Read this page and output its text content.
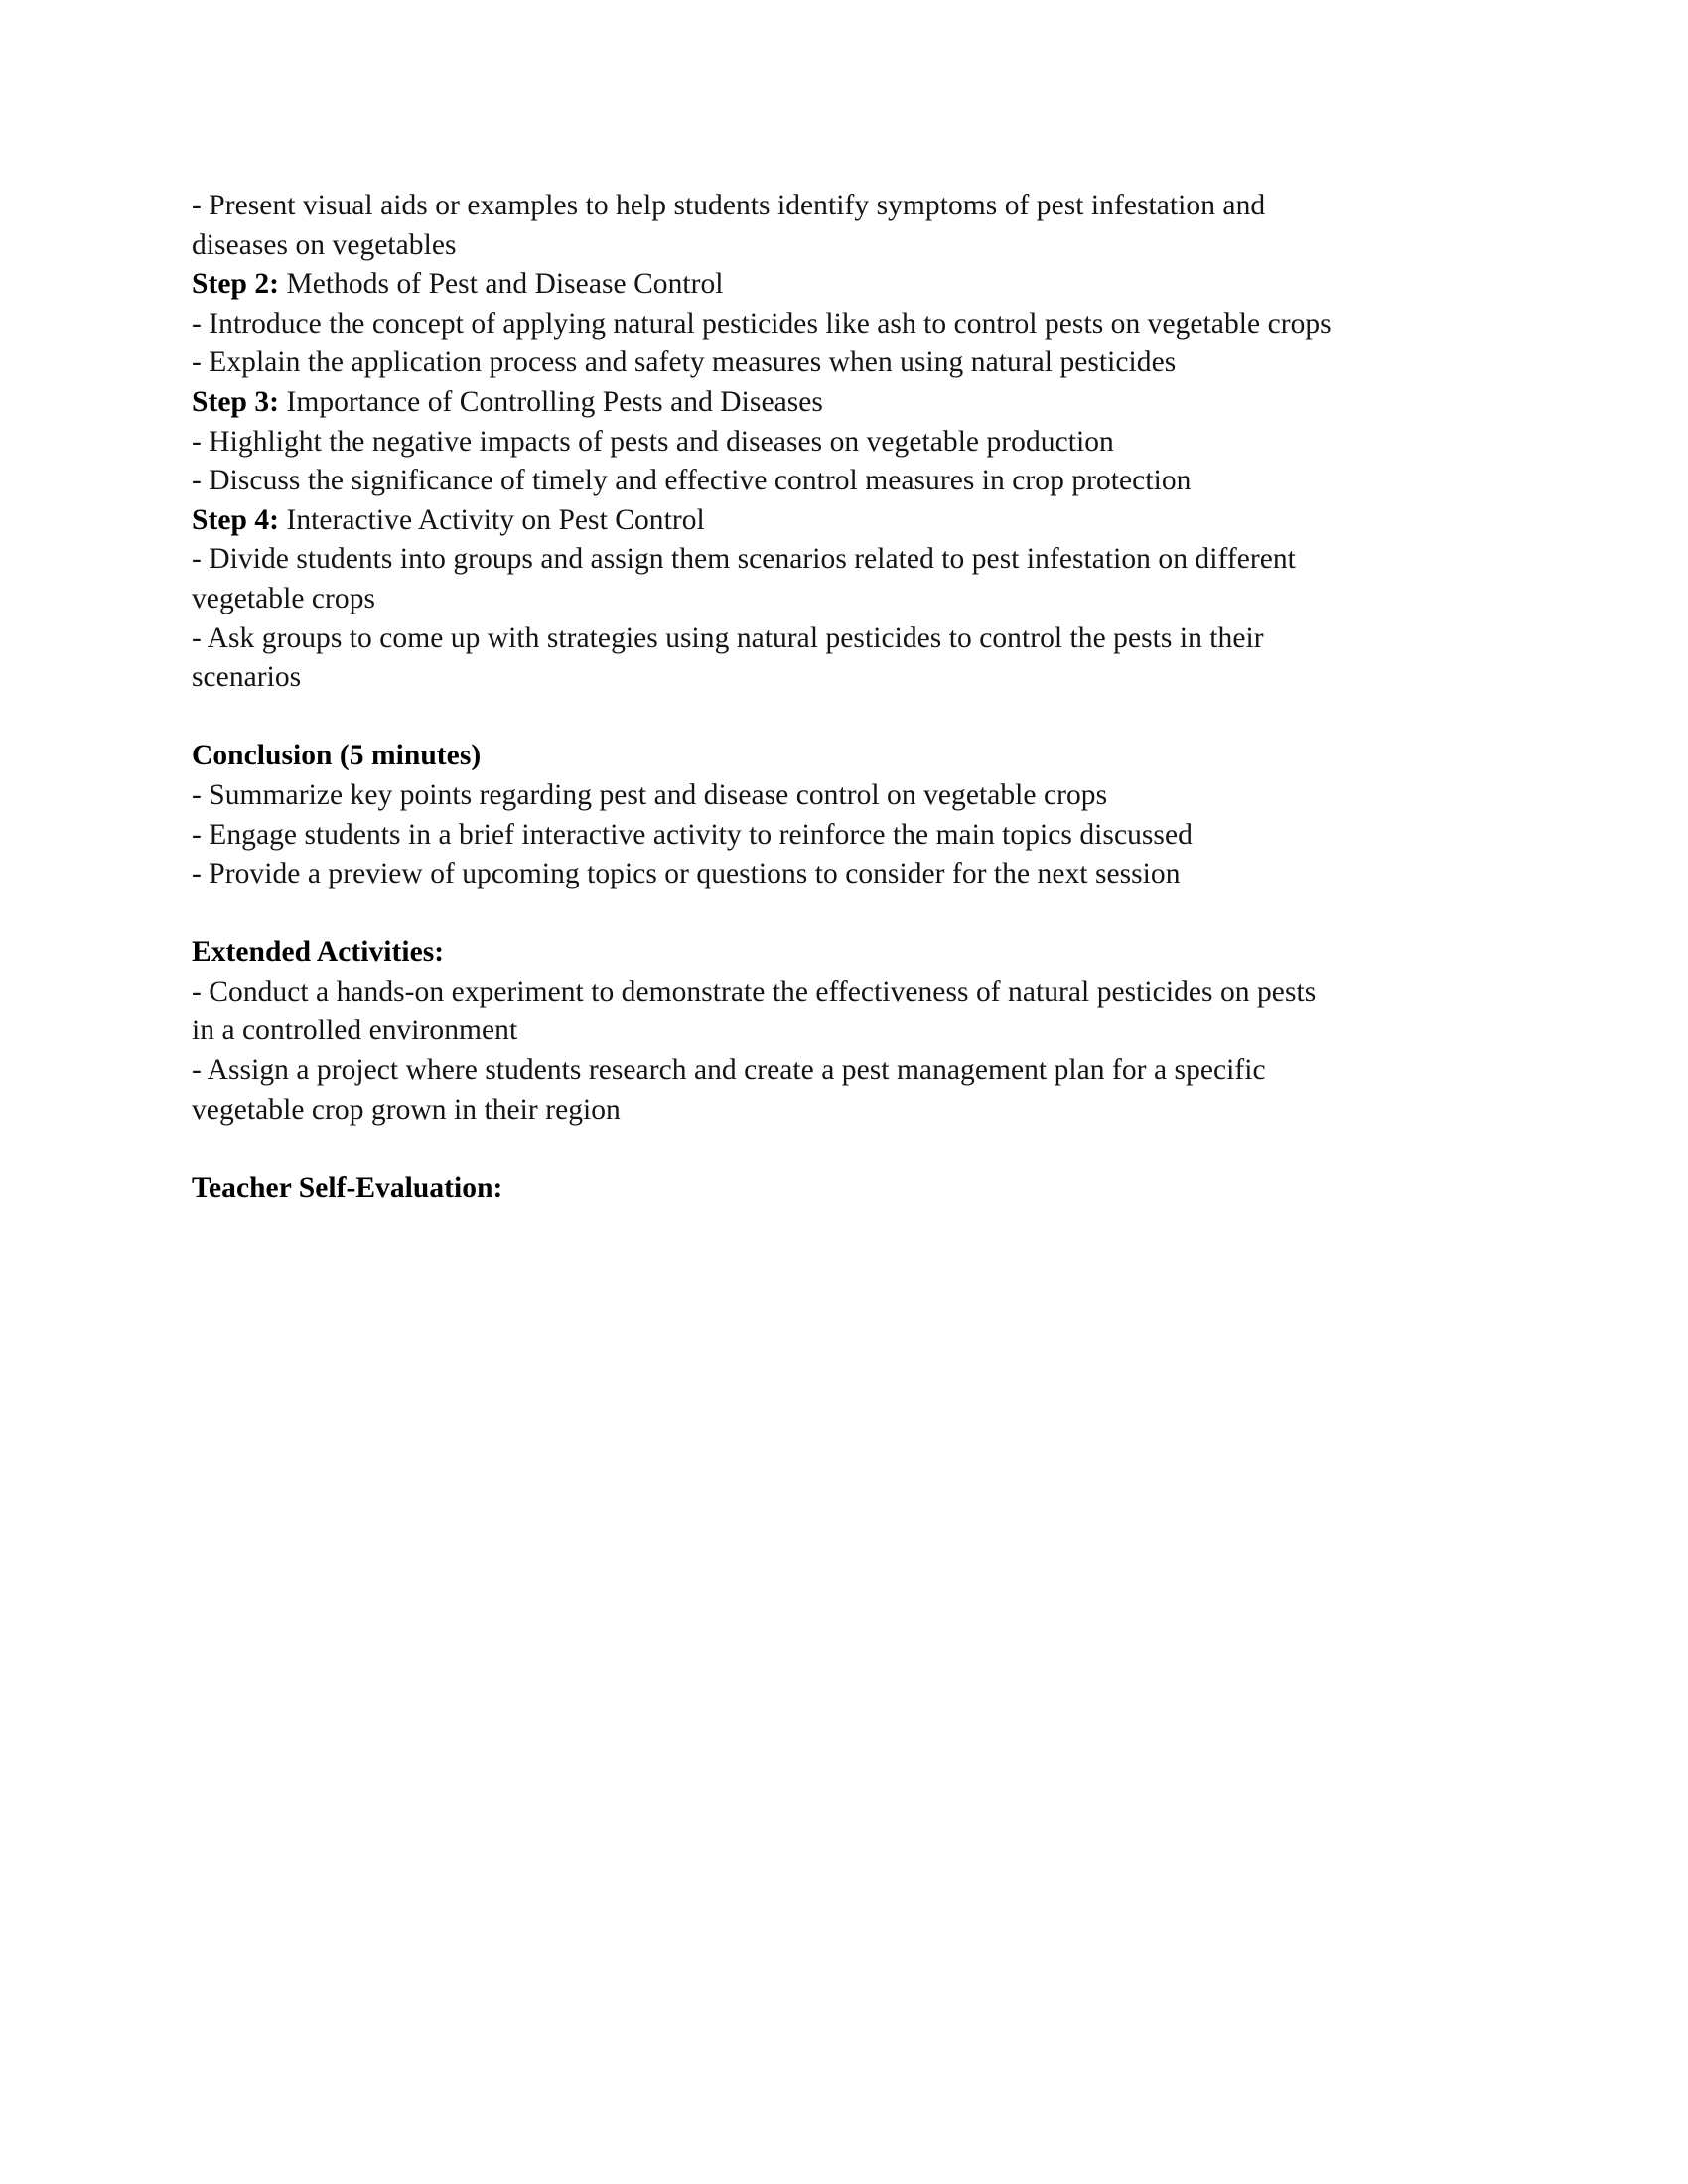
- Present visual aids or examples to help students identify symptoms of pest infestation and
diseases on vegetables
Step 2: Methods of Pest and Disease Control
- Introduce the concept of applying natural pesticides like ash to control pests on vegetable crops
- Explain the application process and safety measures when using natural pesticides
Step 3: Importance of Controlling Pests and Diseases
- Highlight the negative impacts of pests and diseases on vegetable production
- Discuss the significance of timely and effective control measures in crop protection
Step 4: Interactive Activity on Pest Control
- Divide students into groups and assign them scenarios related to pest infestation on different
vegetable crops
- Ask groups to come up with strategies using natural pesticides to control the pests in their
scenarios
Conclusion (5 minutes)
- Summarize key points regarding pest and disease control on vegetable crops
- Engage students in a brief interactive activity to reinforce the main topics discussed
- Provide a preview of upcoming topics or questions to consider for the next session
Extended Activities:
- Conduct a hands-on experiment to demonstrate the effectiveness of natural pesticides on pests
in a controlled environment
- Assign a project where students research and create a pest management plan for a specific
vegetable crop grown in their region
Teacher Self-Evaluation:
